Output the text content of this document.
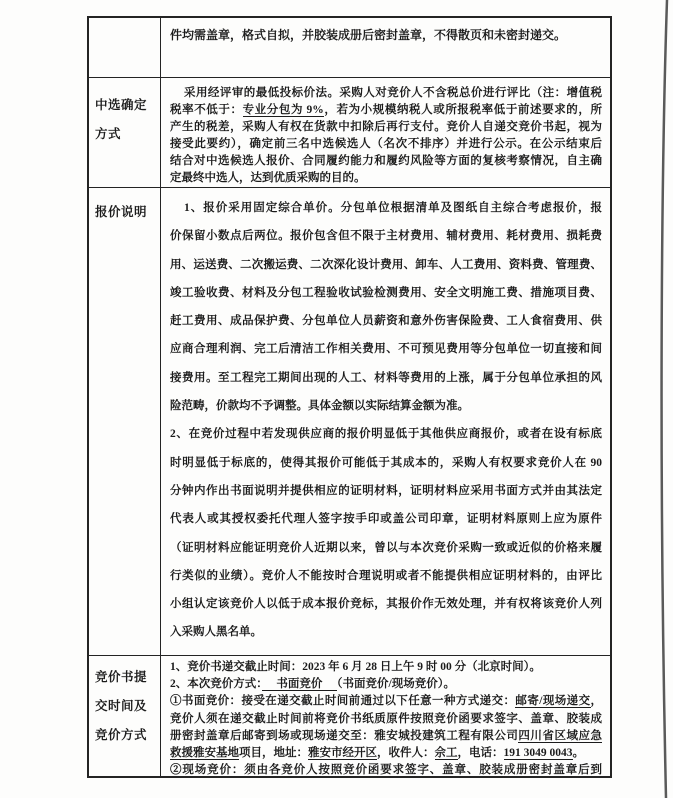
件均需盖章，格式自拟，并胶装成册后密封盖章，不得散页和未密封递交。
中选确定方式
采用经评审的最低投标价法。采购人对竞价人不含税总价进行评比（注：增值税
税率不低于：专业分包为 9%，若为小规模纳税人或所报税率低于前述要求的，所
产生的税差，采购人有权在货款中扣除后再行支付。竞价人自递交竞价书起，视为
接受此要约），确定前三名中选候选人（名次不排序）并进行公示。在公示结束后
结合对中选候选人报价、合同履约能力和履约风险等方面的复核考察情况，自主确
定最终中选人，达到优质采购的目的。
报价说明	1、报价采用固定综合单价。分包单位根据清单及图纸自主综合考虑报价，报
价保留小数点后两位。报价包含但不限于主材费用、辅材费用、耗材费用、损耗费
用、运送费、二次搬运费、二次深化设计费用、卸车、人工费用、资料费、管理费、
竣工验收费、材料及分包工程验收试验检测费用、安全文明施工费、措施项目费、
赶工费用、成品保护费、分包单位人员薪资和意外伤害保险费、工人食宿费用、供
应商合理利润、完工后清洁工作相关费用、不可预见费用等分包单位一切直接和间
接费用。至工程完工期间出现的人工、材料等费用的上涨，属于分包单位承担的风
险范畴，价款均不予调整。具体金额以实际结算金额为准。
2、在竞价过程中若发现供应商的报价明显低于其他供应商报价，或者在设有标底
时明显低于标底的，使得其报价可能低于其成本的，采购人有权要求竞价人在 90
分钟内作出书面说明并提供相应的证明材料，证明材料应采用书面方式并由其法定
代表人或其授权委托代理人签字按手印或盖公司印章，证明材料原则上应为原件
（证明材料应能证明竞价人近期以来，曾以与本次竞价采购一致或近似的价格来履
行类似的业绩）。竞价人不能按时合理说明或者不能提供相应证明材料的，由评比
小组认定该竞价人以低于成本报价竞标，其报价作无效处理，并有权将该竞价人列
入采购人黑名单。
竞价书提交时间及竞价方式
1、竞价书递交截止时间：2023 年 6 月 28 日上午 9 时 00 分（北京时间）。
2、本次竞价方式：　 书面竞价 　（书面竞价/现场竞价）。
①书面竞价：接受在递交截止时间前通过以下任意一种方式递交：邮寄/现场递交，
竞价人须在递交截止时间前将竞价书纸质原件按照竞价函要求签字、盖章、胶装成
册密封盖章后邮寄到场或现场递交至：雅安城投建筑工程有限公司四川省区域应急
救援雅安基地项目，地址：雅安市经开区，收件人：佘工，电话：191 3049 0043。
②现场竞价：须由各竞价人按照竞价函要求签字、盖章、胶装成册密封盖章后到
